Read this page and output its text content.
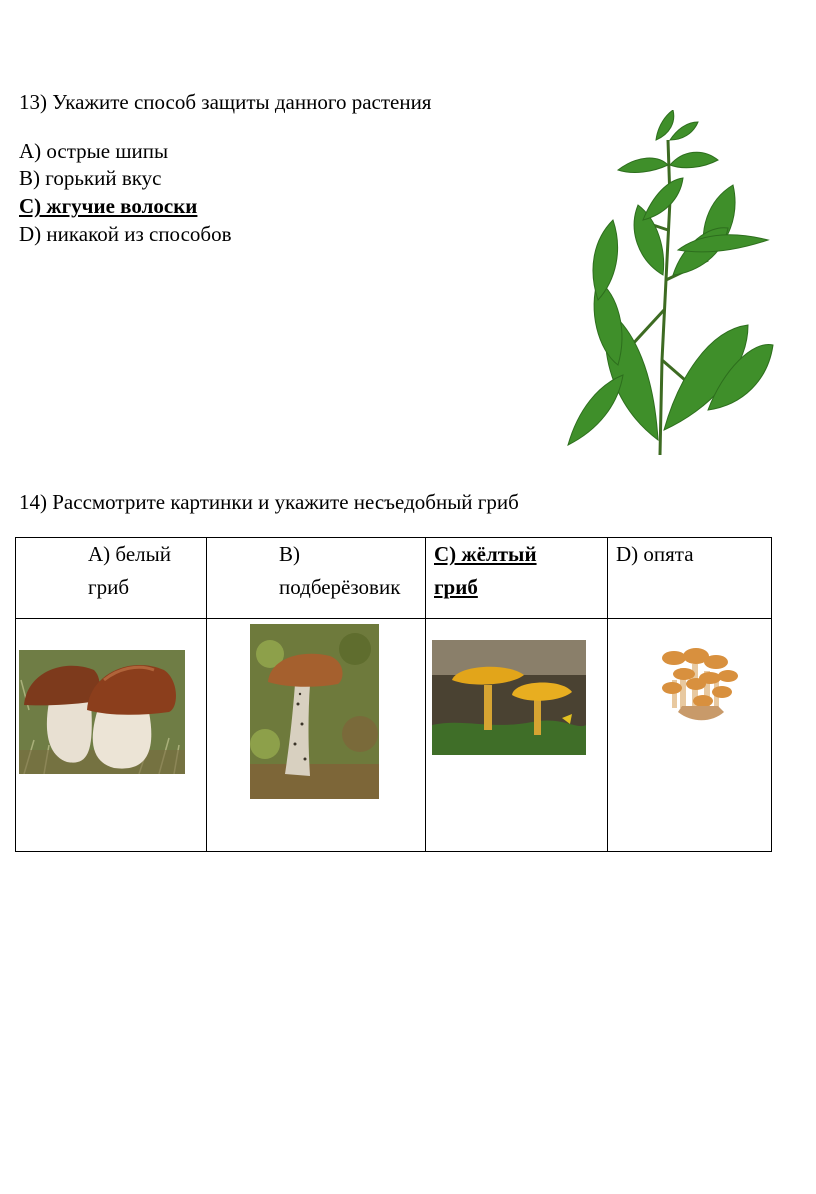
13) Укажите способ защиты данного растения
A) острые шипы
B) горький вкус
C) жгучие волоски
D) никакой из способов
14) Рассмотрите картинки и укажите несъедобный гриб
A) белый
гриб	B)
подберёзовик	C) жёлтый
гриб	D) опята
